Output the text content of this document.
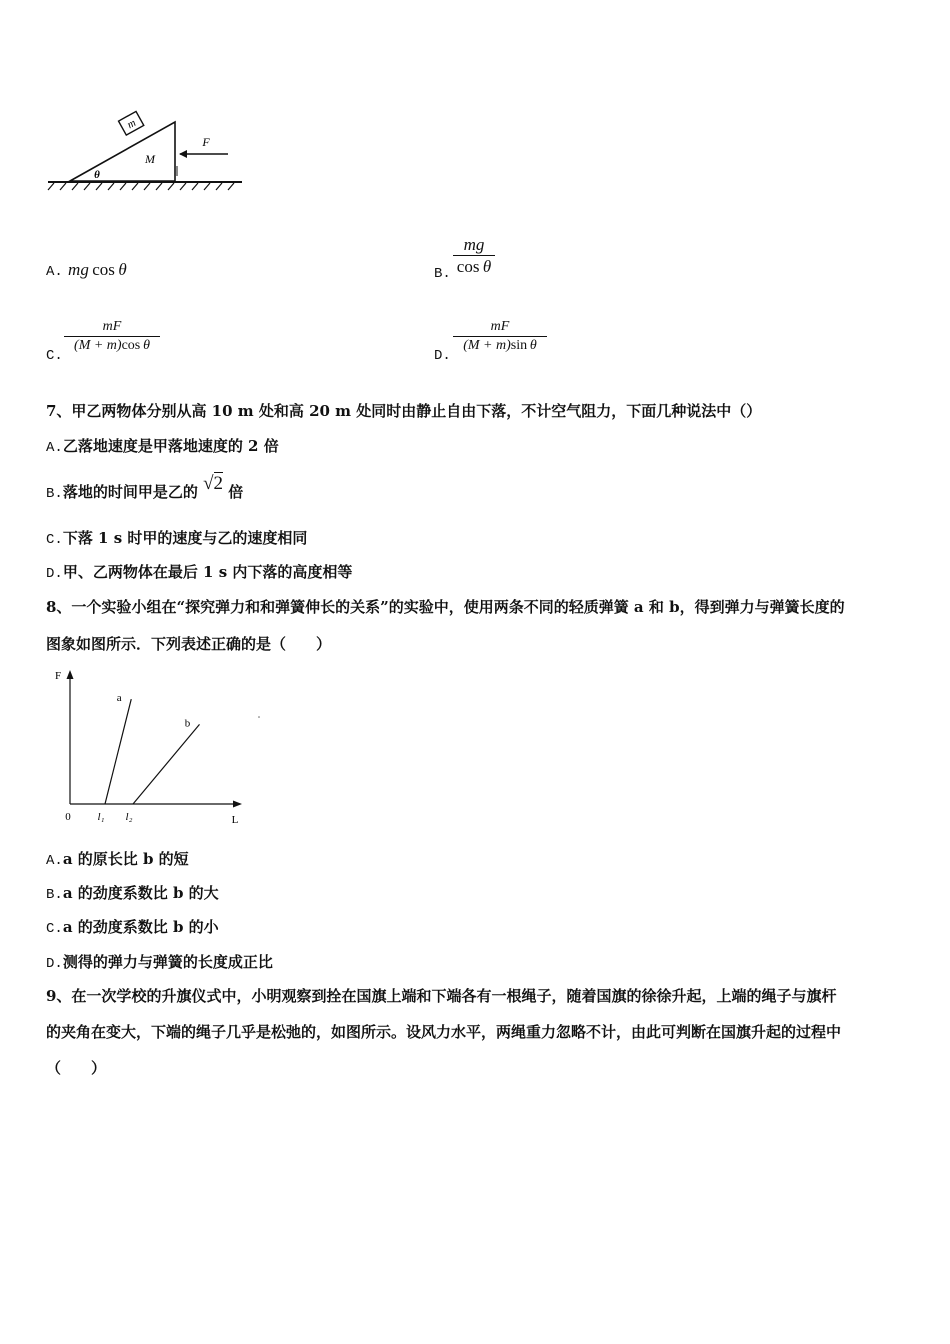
m
M
θ
F
A. mg  cos  θ	B.
mg
cos  θ
C.
mF
(M + m)cos  θ
D.
mF
(M + m)sin  θ
7、甲乙两物体分别从高 10 m 处和高 20 m 处同时由静止自由下落，不计空气阻力，下面几种说法中（）
A.乙落地速度是甲落地速度的 2 倍
B.落地的时间甲是乙的 √2 倍
C.下落 1 s 时甲的速度与乙的速度相同
D.甲、乙两物体在最后 1 s 内下落的高度相等
8、一个实验小组在“探究弹力和和弹簧伸长的关系”的实验中，使用两条不同的轻质弹簧 a 和 b，得到弹力与弹簧长度的
图象如图所示．下列表述正确的是（　　）
F
L
0
a
l₁
b
l₂
A.a 的原长比 b 的短
B.a 的劲度系数比 b 的大
C.a 的劲度系数比 b 的小
D.测得的弹力与弹簧的长度成正比
9、在一次学校的升旗仪式中，小明观察到拴在国旗上端和下端各有一根绳子，随着国旗的徐徐升起，上端的绳子与旗杆
的夹角在变大，下端的绳子几乎是松弛的，如图所示。设风力水平，两绳重力忽略不计，由此可判断在国旗升起的过程中
（　　）
